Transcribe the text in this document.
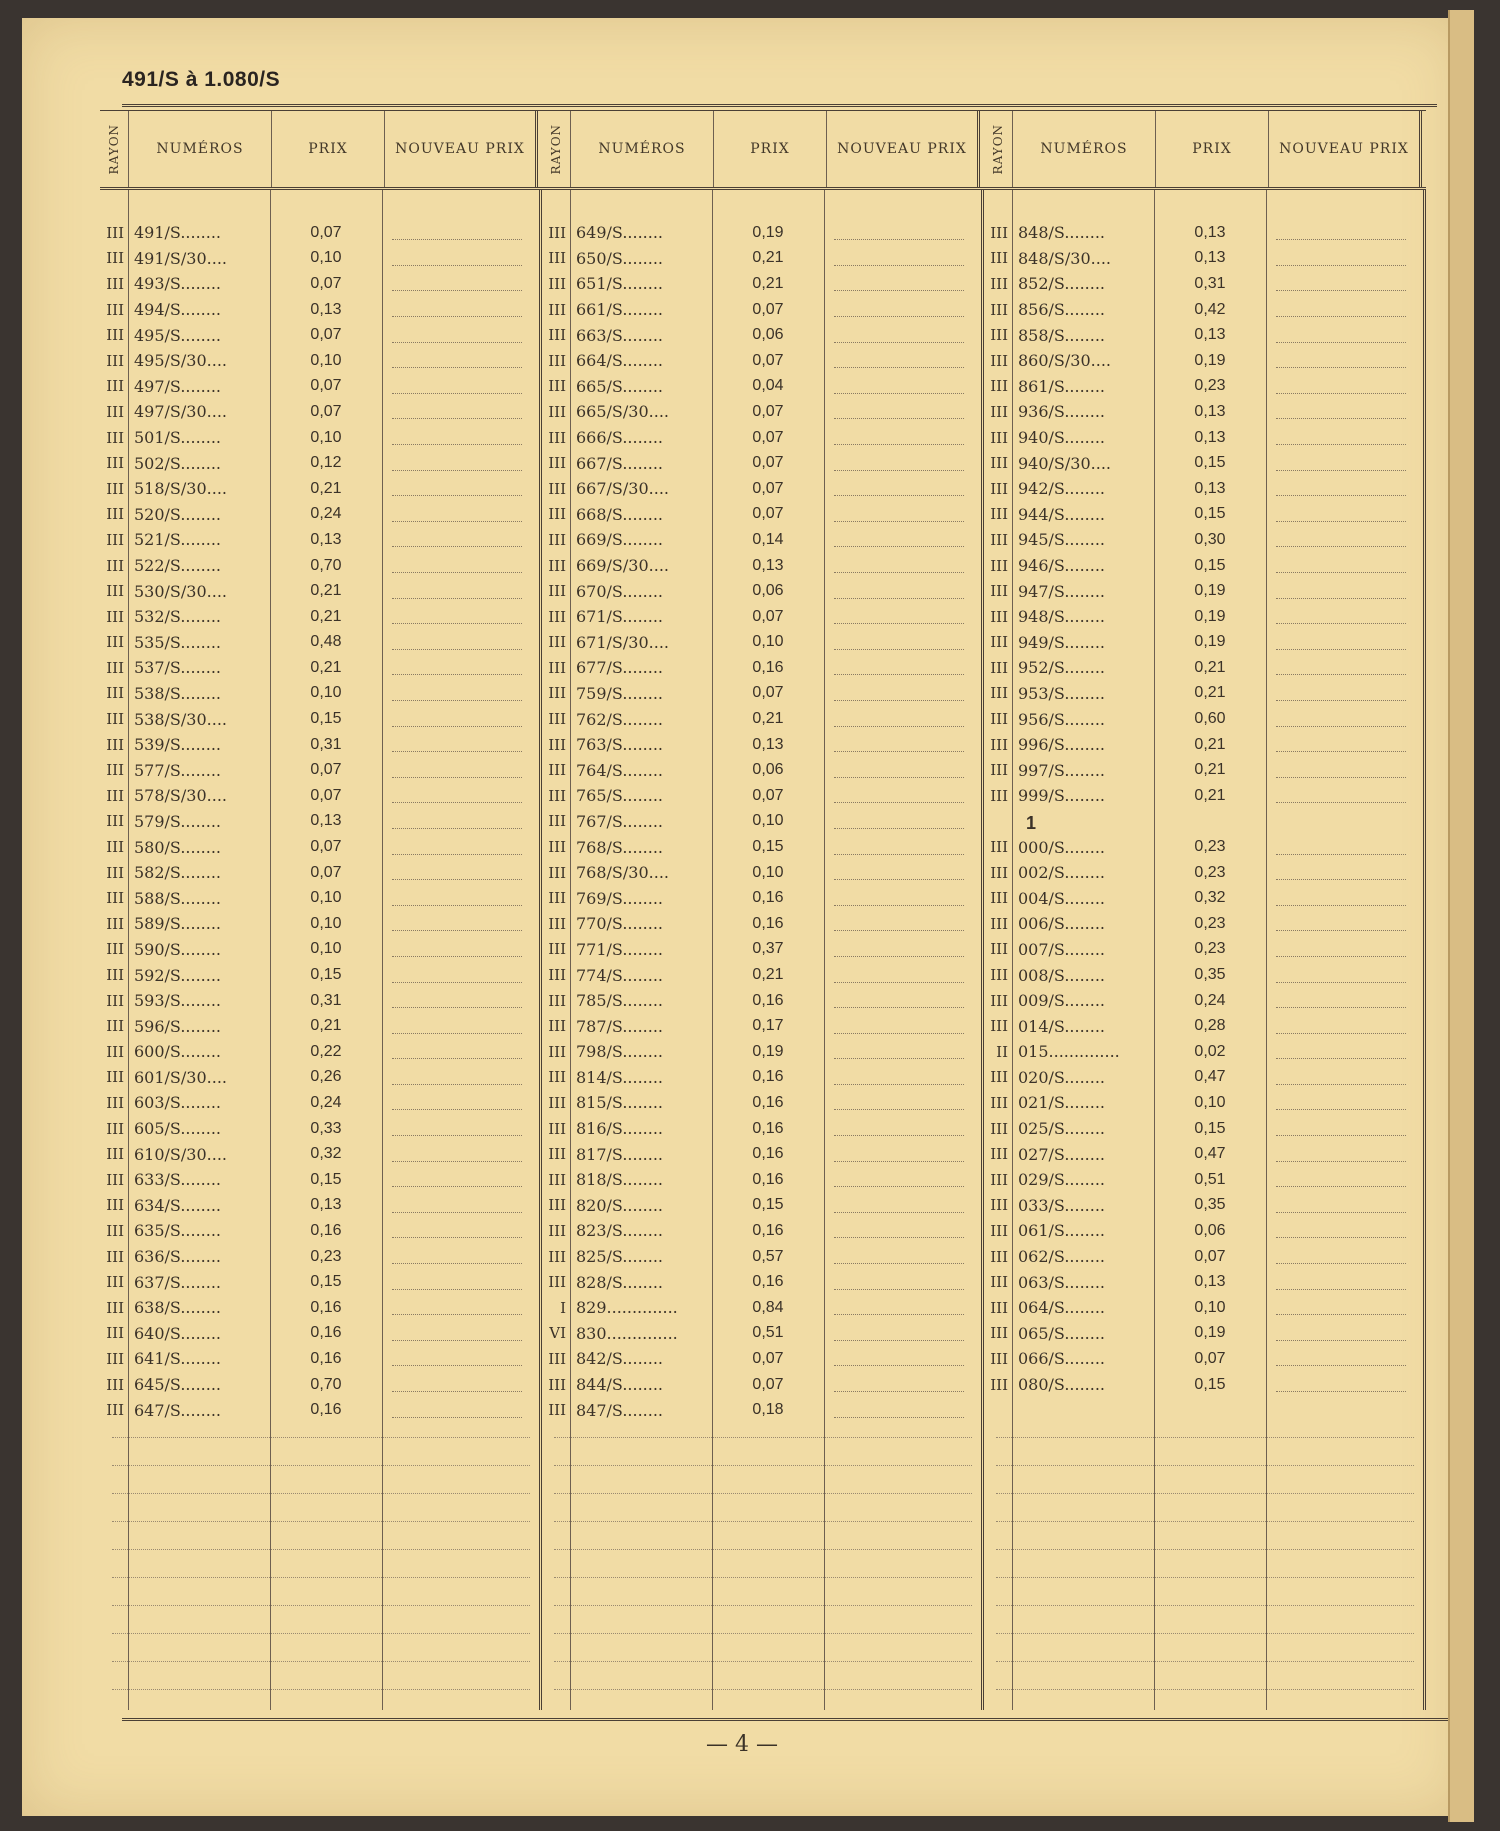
491/S à 1.080/S
RAYON	NUMÉROS	PRIX	NOUVEAU PRIX
III 491/S........	0,07
III 491/S/30....	0,10
III 493/S........	0,07
III 494/S........	0,13
III 495/S........	0,07
III 495/S/30....	0,10
III 497/S........	0,07
III 497/S/30....	0,07
III 501/S........	0,10
III 502/S........	0,12
III 518/S/30....	0,21
III 520/S........	0,24
III 521/S........	0,13
III 522/S........	0,70
III 530/S/30....	0,21
III 532/S........	0,21
III 535/S........	0,48
III 537/S........	0,21
III 538/S........	0,10
III 538/S/30....	0,15
III 539/S........	0,31
III 577/S........	0,07
III 578/S/30....	0,07
III 579/S........	0,13
III 580/S........	0,07
III 582/S........	0,07
III 588/S........	0,10
III 589/S........	0,10
III 590/S........	0,10
III 592/S........	0,15
III 593/S........	0,31
III 596/S........	0,21
III 600/S........	0,22
III 601/S/30....	0,26
III 603/S........	0,24
III 605/S........	0,33
III 610/S/30....	0,32
III 633/S........	0,15
III 634/S........	0,13
III 635/S........	0,16
III 636/S........	0,23
III 637/S........	0,15
III 638/S........	0,16
III 640/S........	0,16
III 641/S........	0,16
III 645/S........	0,70
III 647/S........	0,16
RAYON	NUMÉROS	PRIX	NOUVEAU PRIX
III 649/S........	0,19
III 650/S........	0,21
III 651/S........	0,21
III 661/S........	0,07
III 663/S........	0,06
III 664/S........	0,07
III 665/S........	0,04
III 665/S/30....	0,07
III 666/S........	0,07
III 667/S........	0,07
III 667/S/30....	0,07
III 668/S........	0,07
III 669/S........	0,14
III 669/S/30....	0,13
III 670/S........	0,06
III 671/S........	0,07
III 671/S/30....	0,10
III 677/S........	0,16
III 759/S........	0,07
III 762/S........	0,21
III 763/S........	0,13
III 764/S........	0,06
III 765/S........	0,07
III 767/S........	0,10
III 768/S........	0,15
III 768/S/30....	0,10
III 769/S........	0,16
III 770/S........	0,16
III 771/S........	0,37
III 774/S........	0,21
III 785/S........	0,16
III 787/S........	0,17
III 798/S........	0,19
III 814/S........	0,16
III 815/S........	0,16
III 816/S........	0,16
III 817/S........	0,16
III 818/S........	0,16
III 820/S........	0,15
III 823/S........	0,16
III 825/S........	0,57
III 828/S........	0,16
I 829..............	0,84
VI 830..............	0,51
III 842/S........	0,07
III 844/S........	0,07
III 847/S........	0,18
RAYON	NUMÉROS	PRIX	NOUVEAU PRIX
III 848/S........	0,13
III 848/S/30....	0,13
III 852/S........	0,31
III 856/S........	0,42
III 858/S........	0,13
III 860/S/30....	0,19
III 861/S........	0,23
III 936/S........	0,13
III 940/S........	0,13
III 940/S/30....	0,15
III 942/S........	0,13
III 944/S........	0,15
III 945/S........	0,30
III 946/S........	0,15
III 947/S........	0,19
III 948/S........	0,19
III 949/S........	0,19
III 952/S........	0,21
III 953/S........	0,21
III 956/S........	0,60
III 996/S........	0,21
III 997/S........	0,21
III 999/S........	0,21
1
III 000/S........	0,23
III 002/S........	0,23
III 004/S........	0,32
III 006/S........	0,23
III 007/S........	0,23
III 008/S........	0,35
III 009/S........	0,24
III 014/S........	0,28
II 015..............	0,02
III 020/S........	0,47
III 021/S........	0,10
III 025/S........	0,15
III 027/S........	0,47
III 029/S........	0,51
III 033/S........	0,35
III 061/S........	0,06
III 062/S........	0,07
III 063/S........	0,13
III 064/S........	0,10
III 065/S........	0,19
III 066/S........	0,07
III 080/S........	0,15
— 4 —
